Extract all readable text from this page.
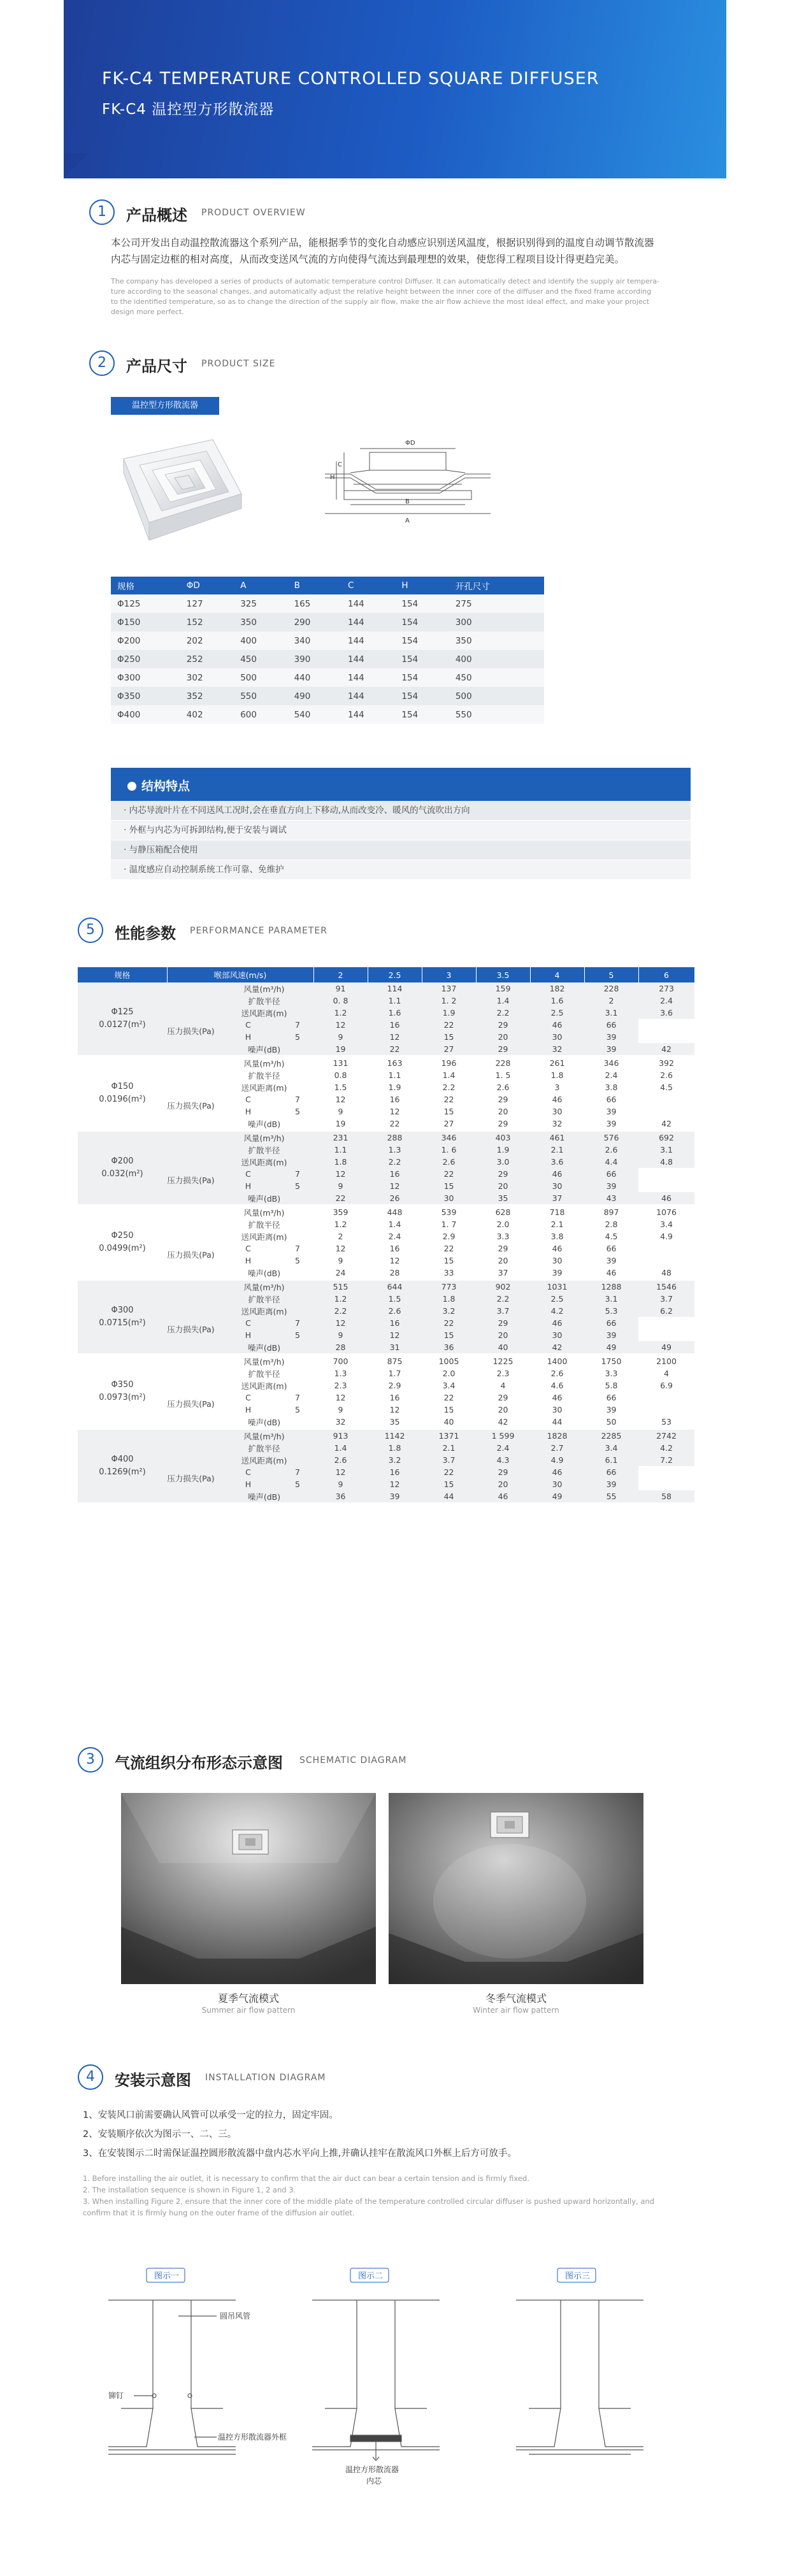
FK-C4 TEMPERATURE CONTROLLED SQUARE DIFFUSER
FK-C4 温控型方形散流器
1	产品概述 PRODUCT OVERVIEW
本公司开发出自动温控散流器这个系列产品，能根据季节的变化自动感应识别送风温度，根据识别得到的温度自动调节散流器
内芯与固定边框的相对高度，从而改变送风气流的方向使得气流达到最理想的效果，使您得工程项目设计得更趋完美。
The company has developed a series of products of automatic temperature control Diffuser. It can automatically detect and identify the supply air tempera-
ture according to the seasonal changes, and automatically adjust the relative height between the inner core of the diffuser and the fixed frame according
to the identified temperature, so as to change the direction of the supply air flow, make the air flow achieve the most ideal effect, and make your project
design more perfect.
2	产品尺寸 PRODUCT SIZE
温控型方形散流器
ΦD
B
A
H
C
规格	ΦD	A	B	C	H	开孔尺寸
Φ125	127	325	165	144	154	275
Φ150	152	350	290	144	154	300
Φ200	202	400	340	144	154	350
Φ250	252	450	390	144	154	400
Φ300	302	500	440	144	154	450
Φ350	352	550	490	144	154	500
Φ400	402	600	540	144	154	550
结构特点
· 内芯导流叶片在不同送风工况时,会在垂直方向上下移动,从而改变冷、暖风的气流吹出方向
· 外框与内芯为可拆卸结构,便于安装与调试
· 与静压箱配合使用
· 温度感应自动控制系统工作可靠、免维护
5	性能参数 PERFORMANCE PARAMETER
规格	喉部风速(m/s)			2	2.5	3	3.5	4	5	6

Φ125
0.0127(m²)		风量(m³/h)		91	114	137	159	182	228	273
		扩散半径		0. 8	1.1	1. 2	1.4	1.6	2	2.4
		送风距离(m)		1.2	1.6	1.9	2.2	2.5	3.1	3.6
	压力损失(Pa)	C	7	12	16	22	29	46	66	
		H	5	9	12	15	20	30	39	
		噪声(dB)		19	22	27	29	32	39	42

Φ150
0.0196(m²)		风量(m³/h)		131	163	196	228	261	346	392
		扩散半径		0.8	1.1	1.4	1. 5	1.8	2.4	2.6
		送风距离(m)		1.5	1.9	2.2	2.6	3	3.8	4.5
	压力损失(Pa)	C	7	12	16	22	29	46	66	
		H	5	9	12	15	20	30	39	
		噪声(dB)		19	22	27	29	32	39	42

Φ200
0.032(m²)		风量(m³/h)		231	288	346	403	461	576	692
		扩散半径		1.1	1.3	1. 6	1.9	2.1	2.6	3.1
		送风距离(m)		1.8	2.2	2.6	3.0	3.6	4.4	4.8
	压力损失(Pa)	C	7	12	16	22	29	46	66	
		H	5	9	12	15	20	30	39	
		噪声(dB)		22	26	30	35	37	43	46

Φ250
0.0499(m²)		风量(m³/h)		359	448	539	628	718	897	1076
		扩散半径		1.2	1.4	1. 7	2.0	2.1	2.8	3.4
		送风距离(m)		2	2.4	2.9	3.3	3.8	4.5	4.9
	压力损失(Pa)	C	7	12	16	22	29	46	66	
		H	5	9	12	15	20	30	39	
		噪声(dB)		24	28	33	37	39	46	48

Φ300
0.0715(m²)		风量(m³/h)		515	644	773	902	1031	1288	1546
		扩散半径		1.2	1.5	1.8	2.2	2.5	3.1	3.7
		送风距离(m)		2.2	2.6	3.2	3.7	4.2	5.3	6.2
	压力损失(Pa)	C	7	12	16	22	29	46	66	
		H	5	9	12	15	20	30	39	
		噪声(dB)		28	31	36	40	42	49	49

Φ350
0.0973(m²)		风量(m³/h)		700	875	1005	1225	1400	1750	2100
		扩散半径		1.3	1.7	2.0	2.3	2.6	3.3	4
		送风距离(m)		2.3	2.9	3.4	4	4.6	5.8	6.9
	压力损失(Pa)	C	7	12	16	22	29	46	66	
		H	5	9	12	15	20	30	39	
		噪声(dB)		32	35	40	42	44	50	53

Φ400
0.1269(m²)		风量(m³/h)		913	1142	1371	1 599	1828	2285	2742
		扩散半径		1.4	1.8	2.1	2.4	2.7	3.4	4.2
		送风距离(m)		2.6	3.2	3.7	4.3	4.9	6.1	7.2
	压力损失(Pa)	C	7	12	16	22	29	46	66	
		H	5	9	12	15	20	30	39	
		噪声(dB)		36	39	44	46	49	55	58
3	气流组织分布形态示意图 SCHEMATIC DIAGRAM
夏季气流模式
Summer air flow pattern
冬季气流模式
Winter air flow pattern
4	安装示意图 INSTALLATION DIAGRAM
1、安装风口前需要确认风管可以承受一定的拉力，固定牢固。
2、安装顺序依次为图示一、二、三。
3、在安装图示二时需保证温控圆形散流器中盘内芯水平向上推,并确认挂牢在散流风口外框上后方可放手。
1. Before installing the air outlet, it is necessary to confirm that the air duct can bear a certain tension and is firmly fixed.
2. The installation sequence is shown in Figure 1, 2 and 3.
3. When installing Figure 2, ensure that the inner core of the middle plate of the temperature controlled circular diffuser is pushed upward horizontally, and
confirm that it is firmly hung on the outer frame of the diffusion air outlet.
图示一	图示二	图示三
圆吊风管
铆钉
温控方形散流器外框
温控方形散流器
内芯
